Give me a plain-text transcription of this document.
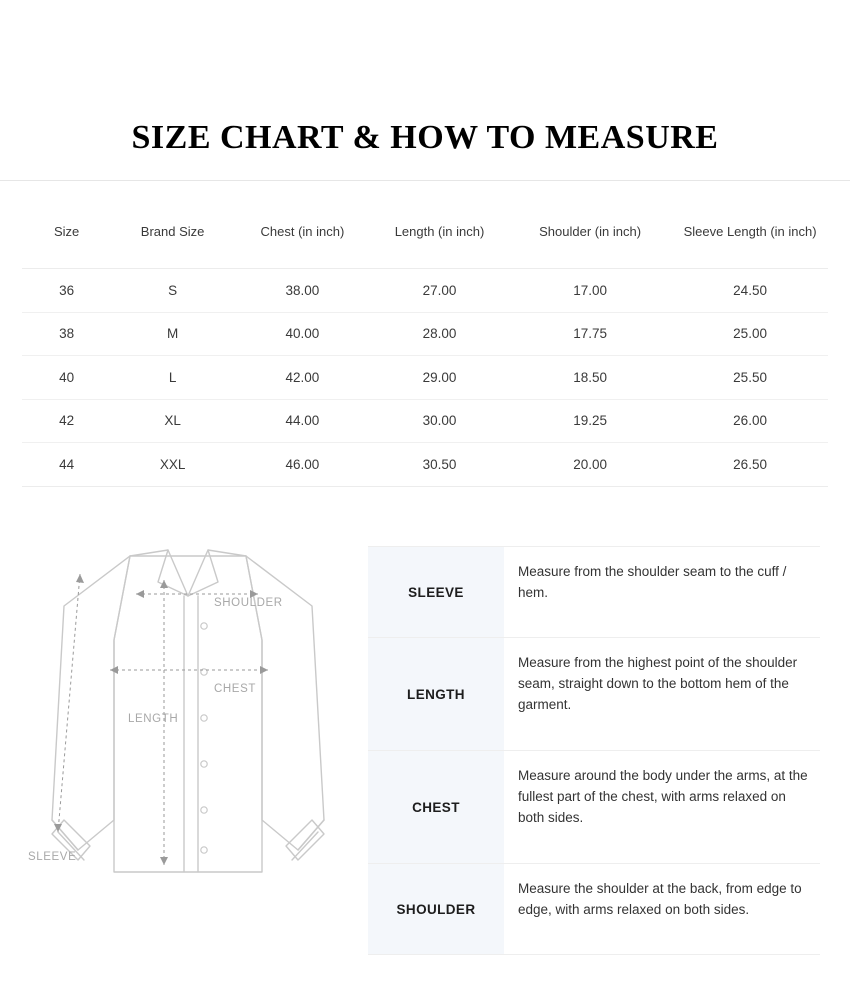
SIZE CHART & HOW TO MEASURE
Size	Brand Size	Chest (in inch)	Length (in inch)	Shoulder (in inch)	Sleeve Length (in inch)
36	S	38.00	27.00	17.00	24.50
38	M	40.00	28.00	17.75	25.00
40	L	42.00	29.00	18.50	25.50
42	XL	44.00	30.00	19.25	26.00
44	XXL	46.00	30.50	20.00	26.50
SHOULDER
CHEST
LENGTH
SLEEVE
SLEEVE
Measure from the shoulder seam to the cuff / hem.
LENGTH
Measure from the highest point of the shoulder seam, straight down to the bottom hem of the garment.
CHEST
Measure around the body under the arms, at the fullest part of the chest, with arms relaxed on both sides.
SHOULDER
Measure the shoulder at the back, from edge to edge, with arms relaxed on both sides.
